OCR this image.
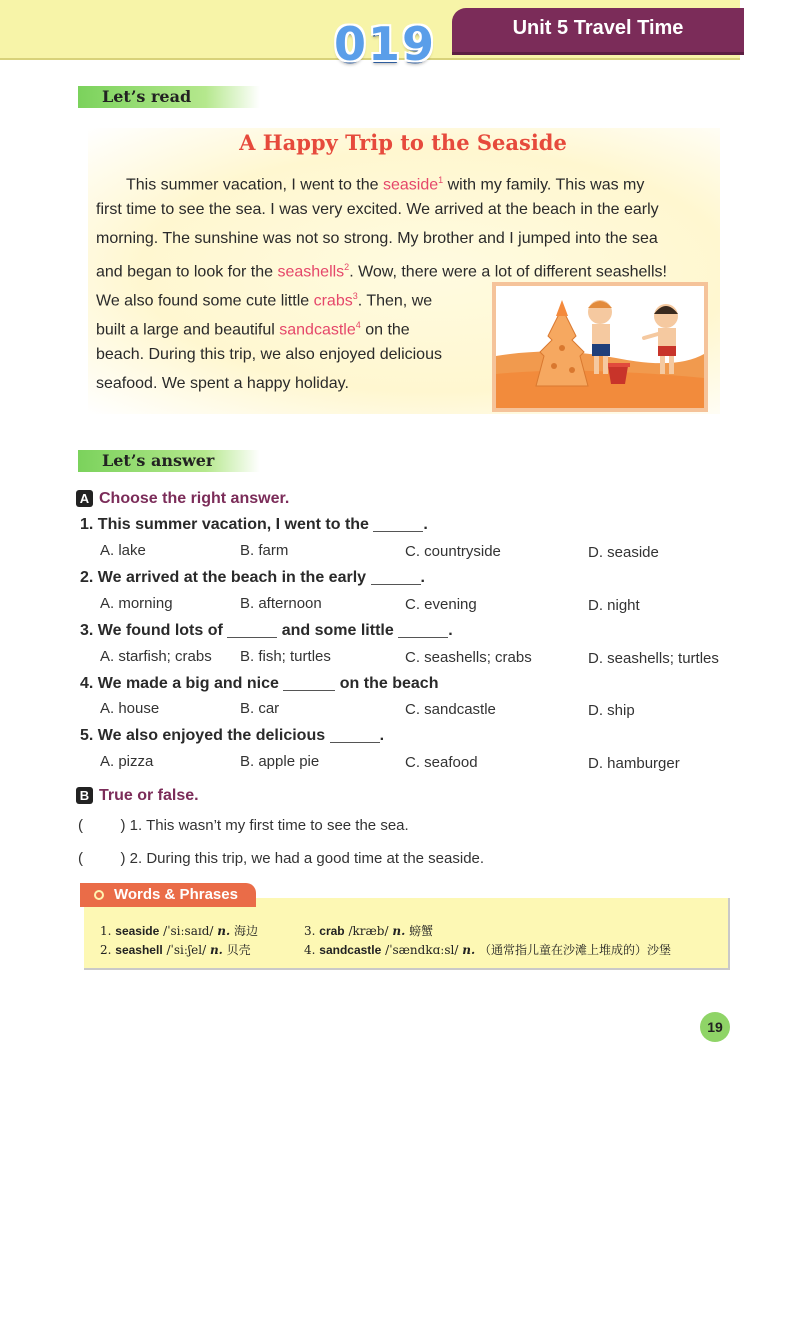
019	Unit 5 Travel Time
Let’s read
A Happy Trip to the Seaside
This summer vacation, I went to the seaside$^1$ with my family. This was my
first time to see the sea. I was very excited. We arrived at the beach in the early
morning. The sunshine was not so strong. My brother and I jumped into the sea
and began to look for the seashells$^2$. Wow, there were a lot of different seashells!
We also found some cute little crabs$^3$. Then, we
built a large and beautiful sandcastle$^4$ on the
beach. During this trip, we also enjoyed delicious
seafood. We spent a happy holiday.
Let’s answer
A Choose the right answer.
1. This summer vacation, I went to the	.
A. lake	B. farm	C. countryside	D. seaside
2. We arrived at the beach in the early	.
A. morning	B. afternoon	C. evening	D. night
3. We found lots of	and some little	.
A. starfish; crabs B. fish; turtles	C. seashells; crabs	D. seashells; turtles
4. We made a big and nice	on the beach
A. house	B. car	C. sandcastle	D. ship
5. We also enjoyed the delicious	.
A. pizza	B. apple pie	C. seafood	D. hamburger
B True or false.
(         ) 1. This wasn’t my first time to see the sea.
(         ) 2. During this trip, we had a good time at the seaside.
Words & Phrases
1. seaside /ˈsiːsaɪd/ n. 海边
2. seashell /ˈsiːʃel/ n. 贝壳
3. crab /kræb/ n. 螃蟹
4. sandcastle /ˈsændkɑːsl/ n. （通常指儿童在沙滩上堆成的）沙堡
19
